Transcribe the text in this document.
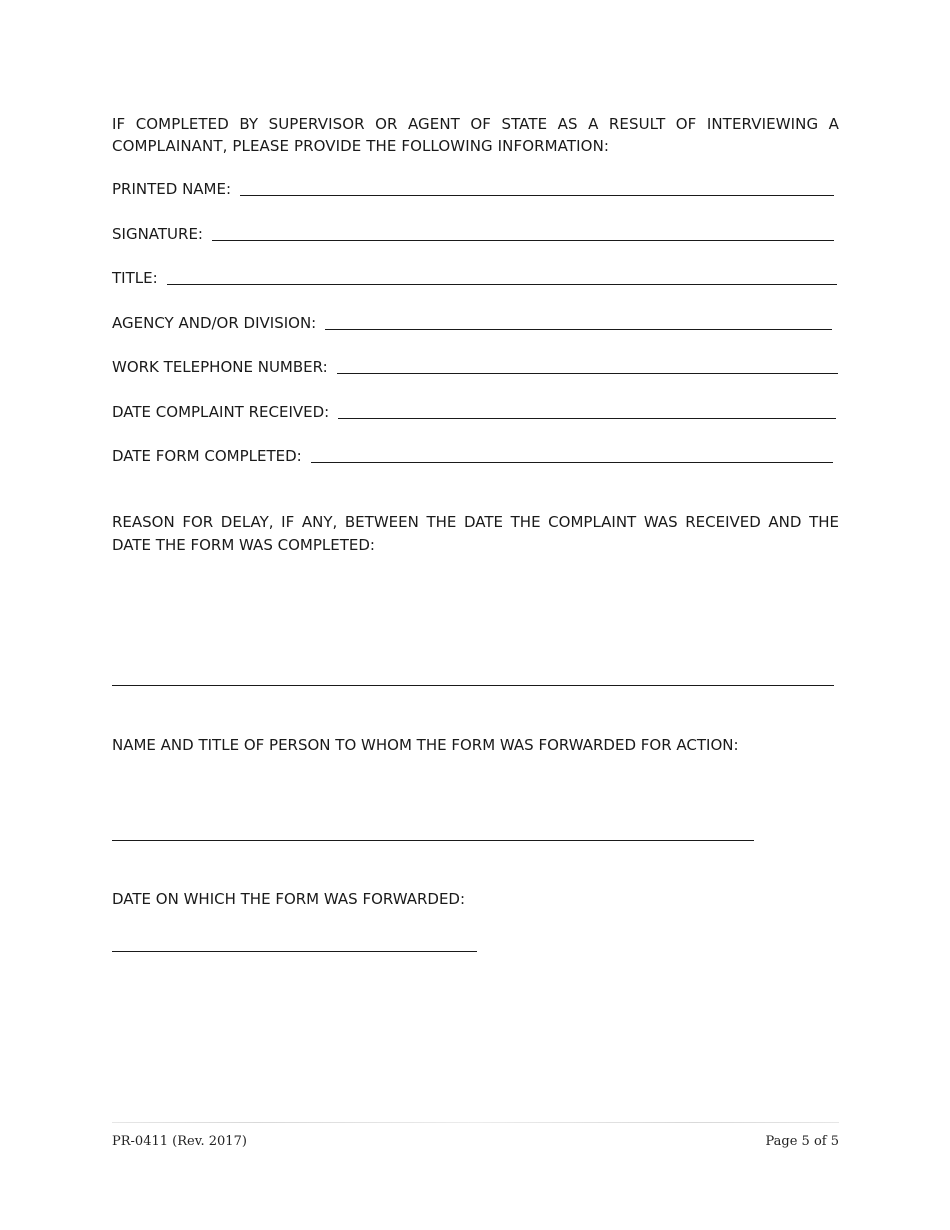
IF COMPLETED BY SUPERVISOR OR AGENT OF STATE AS A RESULT OF INTERVIEWING A COMPLAINANT, PLEASE PROVIDE THE FOLLOWING INFORMATION:
PRINTED NAME:
SIGNATURE:
TITLE:
AGENCY AND/OR DIVISION:
WORK TELEPHONE NUMBER:
DATE COMPLAINT RECEIVED:
DATE FORM COMPLETED:
REASON FOR DELAY, IF ANY, BETWEEN THE DATE THE COMPLAINT WAS RECEIVED AND THE DATE THE FORM WAS COMPLETED:
NAME AND TITLE OF PERSON TO WHOM THE FORM WAS FORWARDED FOR ACTION:
DATE ON WHICH THE FORM WAS FORWARDED:
PR-0411 (Rev. 2017)	Page 5 of 5
